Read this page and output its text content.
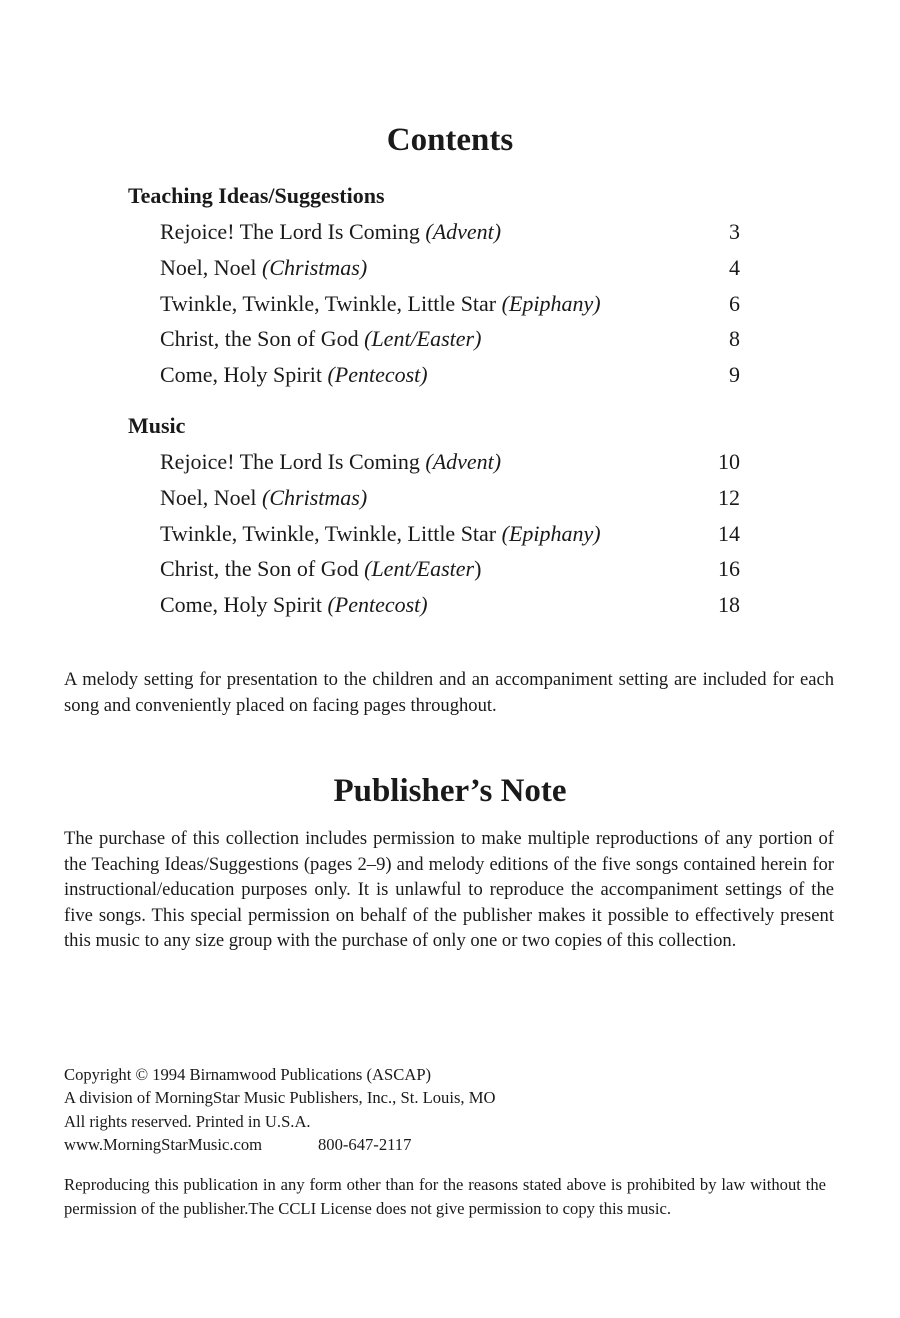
Contents
Teaching Ideas/Suggestions
Rejoice! The Lord Is Coming (Advent)	3
Noel, Noel (Christmas)	4
Twinkle, Twinkle, Twinkle, Little Star (Epiphany)	6
Christ, the Son of God (Lent/Easter)	8
Come, Holy Spirit (Pentecost)	9
Music
Rejoice! The Lord Is Coming (Advent)	10
Noel, Noel (Christmas)	12
Twinkle, Twinkle, Twinkle, Little Star (Epiphany)	14
Christ, the Son of God (Lent/Easter)	16
Come, Holy Spirit (Pentecost)	18

A melody setting for presentation to the children and an accompaniment setting are included for each song and conveniently placed on facing pages throughout.

Publisher’s Note

The purchase of this collection includes permission to make multiple reproductions of any portion of the Teaching Ideas/Suggestions (pages 2–9) and melody editions of the five songs contained herein for instructional/education purposes only. It is unlawful to reproduce the accompaniment settings of the five songs. This special permission on behalf of the publisher makes it possible to effectively present this music to any size group with the purchase of only one or two copies of this collection.

Copyright © 1994 Birnamwood Publications (ASCAP)
A division of MorningStar Music Publishers, Inc., St. Louis, MO
All rights reserved. Printed in U.S.A.
www.MorningStarMusic.com	800-647-2117

Reproducing this publication in any form other than for the reasons stated above is prohibited by law without the permission of the publisher.The CCLI License does not give permission to copy this music.
